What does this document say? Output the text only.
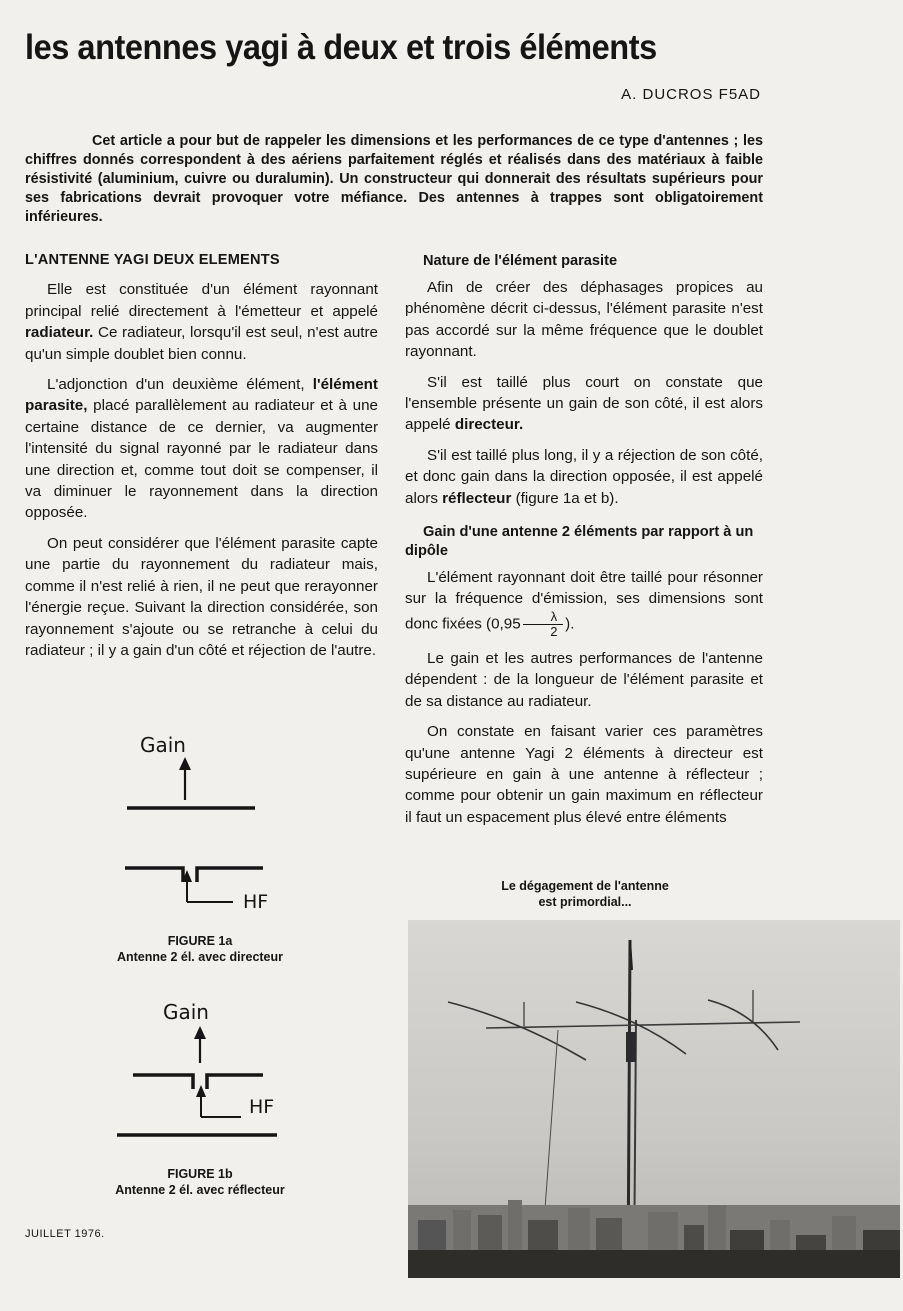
les antennes yagi à deux et trois éléments
A. DUCROS F5AD
Cet article a pour but de rappeler les dimensions et les performances de ce type d'antennes ; les chiffres donnés correspondent à des aériens parfaitement réglés et réalisés dans des matériaux à faible résistivité (aluminium, cuivre ou duralumin). Un constructeur qui donnerait des résultats supérieurs pour ses fabrications devrait provoquer votre méfiance. Des antennes à trappes sont obligatoirement inférieures.
L'ANTENNE YAGI DEUX ELEMENTS

Elle est constituée d'un élément rayonnant principal relié directement à l'émetteur et appelé radiateur. Ce radiateur, lorsqu'il est seul, n'est autre qu'un simple doublet bien connu.

L'adjonction d'un deuxième élément, l'élément parasite, placé parallèlement au radiateur et à une certaine distance de ce dernier, va augmenter l'intensité du signal rayonné par le radiateur dans une direction et, comme tout doit se compenser, il va diminuer le rayonnement dans la direction opposée.

On peut considérer que l'élément parasite capte une partie du rayonnement du radiateur mais, comme il n'est relié à rien, il ne peut que rerayonner l'énergie reçue. Suivant la direction considérée, son rayonnement s'ajoute ou se retranche à celui du radiateur ; il y a gain d'un côté et réjection de l'autre.

Gain
HF
FIGURE 1a
Antenne 2 él. avec directeur
Gain
HF
FIGURE 1b
Antenne 2 él. avec réflecteur
Nature de l'élément parasite

Afin de créer des déphasages propices au phénomène décrit ci-dessus, l'élément parasite n'est pas accordé sur la même fréquence que le doublet rayonnant.

S'il est taillé plus court on constate que l'ensemble présente un gain de son côté, il est alors appelé directeur.

S'il est taillé plus long, il y a réjection de son côté, et donc gain dans la direction opposée, il est appelé alors réflecteur (figure 1a et b).

Gain d'une antenne 2 éléments par rapport à un dipôle

L'élément rayonnant doit être taillé pour résonner sur la fréquence d'émission, ses dimensions sont donc fixées ($0,95 \frac{\lambda}{2}$ ).

Le gain et les autres performances de l'antenne dépendent : de la longueur de l'élément parasite et de sa distance au radiateur.

On constate en faisant varier ces paramètres qu'une antenne Yagi 2 éléments à directeur est supérieure en gain à une antenne à réflecteur ; comme pour obtenir un gain maximum en réflecteur il faut un espacement plus élevé entre éléments

Le dégagement de l'antenne
est primordial...
JUILLET 1976.
